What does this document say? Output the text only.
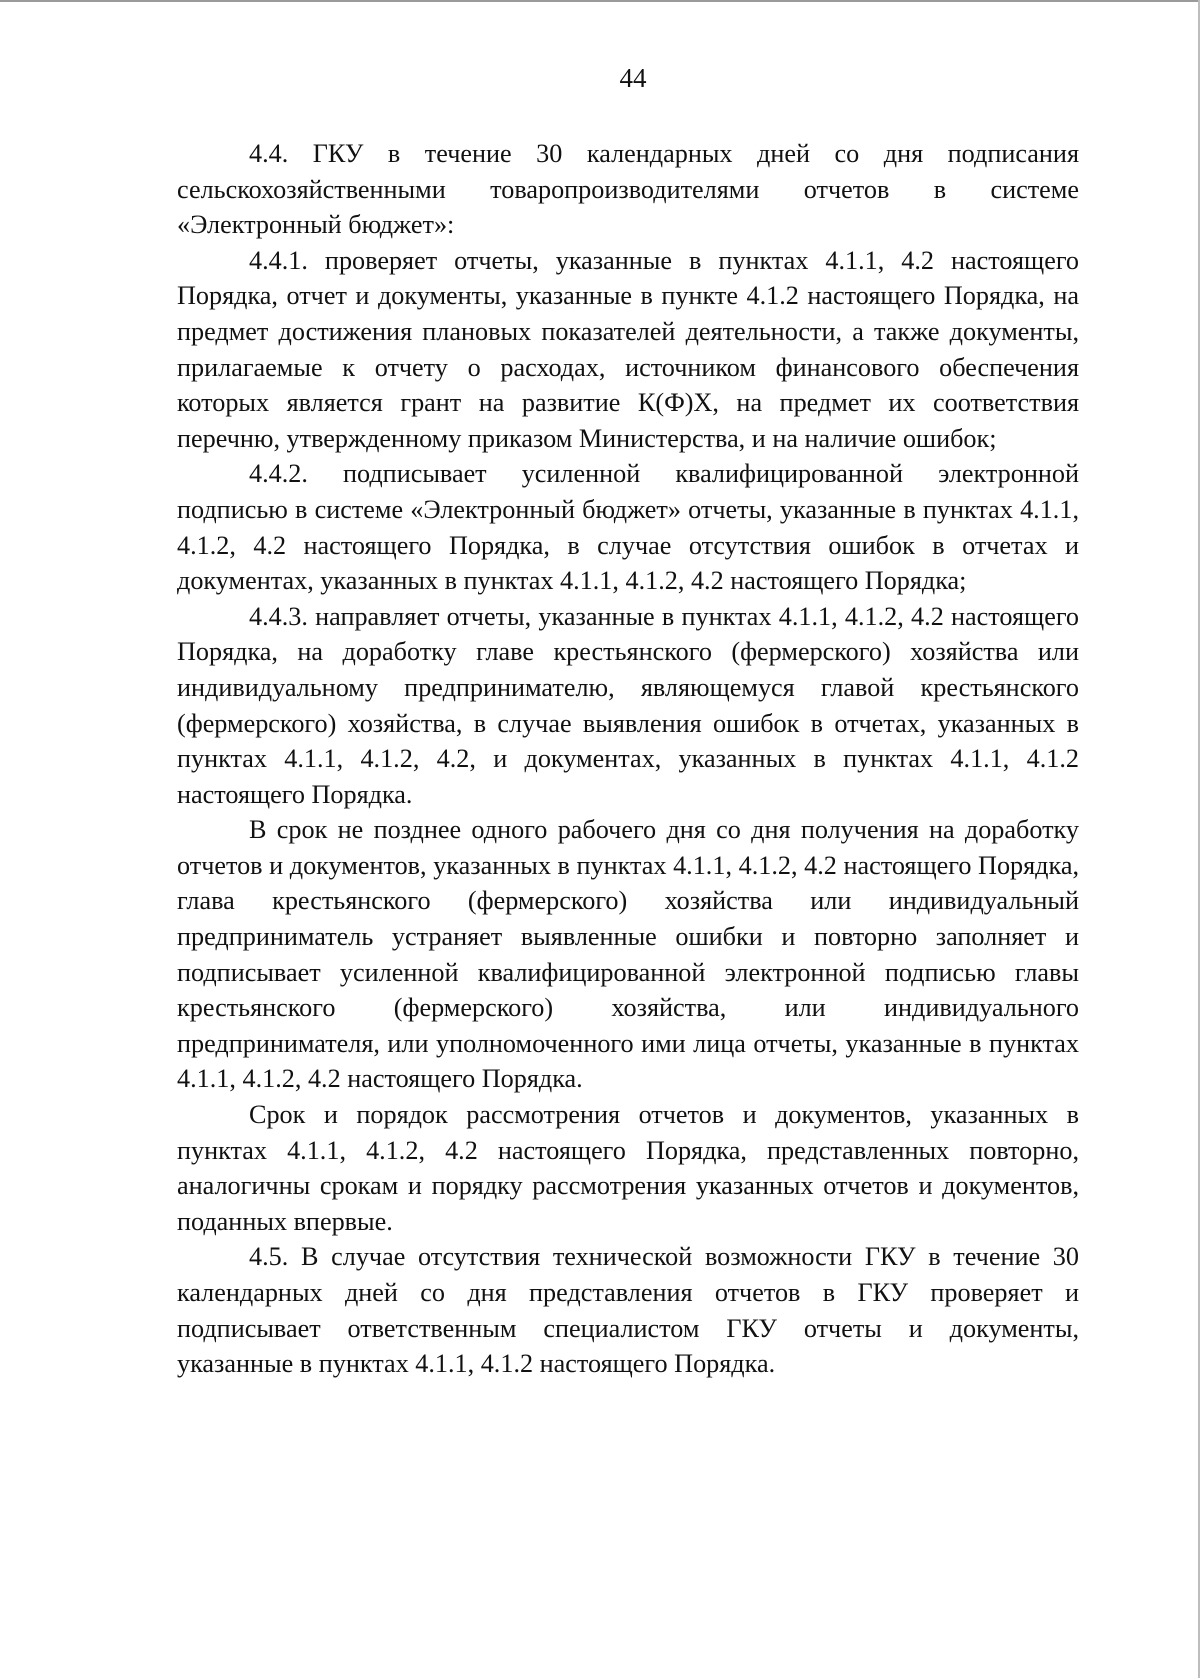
44

4.4. ГКУ в течение 30 календарных дней со дня подписания сельскохозяйственными товаропроизводителями отчетов в системе «Электронный бюджет»:

4.4.1. проверяет отчеты, указанные в пунктах 4.1.1, 4.2 настоящего Порядка, отчет и документы, указанные в пункте 4.1.2 настоящего Порядка, на предмет достижения плановых показателей деятельности, а также документы, прилагаемые к отчету о расходах, источником финансового обеспечения которых является грант на развитие К(Ф)Х, на предмет их соответствия перечню, утвержденному приказом Министерства, и на наличие ошибок;

4.4.2. подписывает усиленной квалифицированной электронной подписью в системе «Электронный бюджет» отчеты, указанные в пунктах 4.1.1, 4.1.2, 4.2 настоящего Порядка, в случае отсутствия ошибок в отчетах и документах, указанных в пунктах 4.1.1, 4.1.2, 4.2 настоящего Порядка;

4.4.3. направляет отчеты, указанные в пунктах 4.1.1, 4.1.2, 4.2 настоящего Порядка, на доработку главе крестьянского (фермерского) хозяйства или индивидуальному предпринимателю, являющемуся главой крестьянского (фермерского) хозяйства, в случае выявления ошибок в отчетах, указанных в пунктах 4.1.1, 4.1.2, 4.2, и документах, указанных в пунктах 4.1.1, 4.1.2 настоящего Порядка.

В срок не позднее одного рабочего дня со дня получения на доработку отчетов и документов, указанных в пунктах 4.1.1, 4.1.2, 4.2 настоящего Порядка, глава крестьянского (фермерского) хозяйства или индивидуальный предприниматель устраняет выявленные ошибки и повторно заполняет и подписывает усиленной квалифицированной электронной подписью главы крестьянского (фермерского) хозяйства, или индивидуального предпринимателя, или уполномоченного ими лица отчеты, указанные в пунктах 4.1.1, 4.1.2, 4.2 настоящего Порядка.

Срок и порядок рассмотрения отчетов и документов, указанных в пунктах 4.1.1, 4.1.2, 4.2 настоящего Порядка, представленных повторно, аналогичны срокам и порядку рассмотрения указанных отчетов и документов, поданных впервые.

4.5. В случае отсутствия технической возможности ГКУ в течение 30 календарных дней со дня представления отчетов в ГКУ проверяет и подписывает ответственным специалистом ГКУ отчеты и документы, указанные в пунктах 4.1.1, 4.1.2 настоящего Порядка.
